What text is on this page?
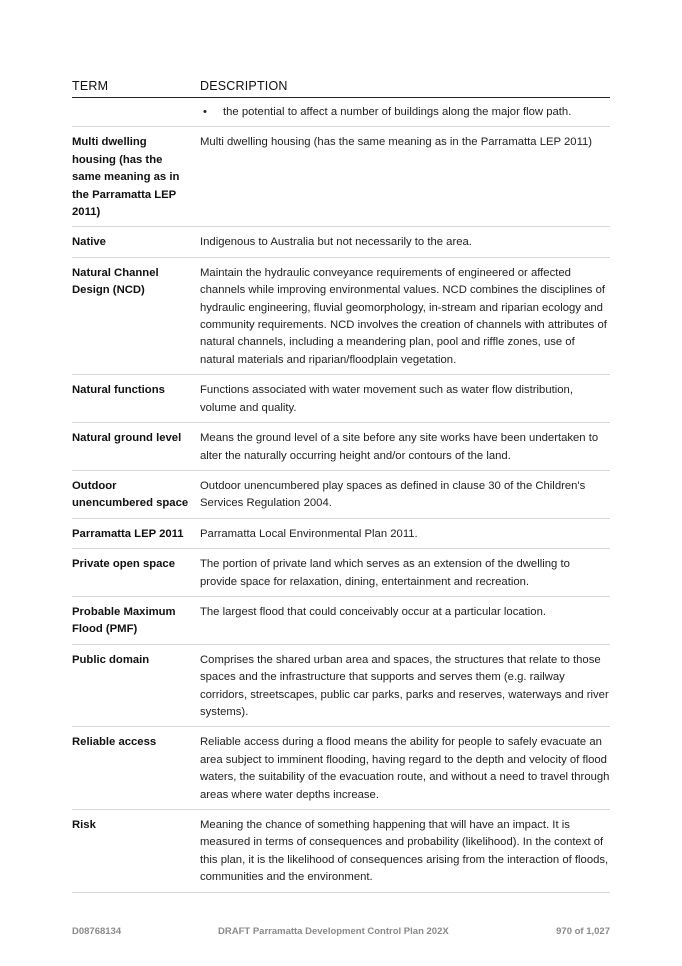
TERM	DESCRIPTION
	• the potential to affect a number of buildings along the major flow path.
Multi dwelling housing (has the same meaning as in the Parramatta LEP 2011)	Multi dwelling housing (has the same meaning as in the Parramatta LEP 2011)
Native	Indigenous to Australia but not necessarily to the area.
Natural Channel Design (NCD)	Maintain the hydraulic conveyance requirements of engineered or affected channels while improving environmental values. NCD combines the disciplines of hydraulic engineering, fluvial geomorphology, in-stream and riparian ecology and community requirements. NCD involves the creation of channels with attributes of natural channels, including a meandering plan, pool and riffle zones, use of natural materials and riparian/floodplain vegetation.
Natural functions	Functions associated with water movement such as water flow distribution, volume and quality.
Natural ground level	Means the ground level of a site before any site works have been undertaken to alter the naturally occurring height and/or contours of the land.
Outdoor unencumbered space	Outdoor unencumbered play spaces as defined in clause 30 of the Children's Services Regulation 2004.
Parramatta LEP 2011	Parramatta Local Environmental Plan 2011.
Private open space	The portion of private land which serves as an extension of the dwelling to provide space for relaxation, dining, entertainment and recreation.
Probable Maximum Flood (PMF)	The largest flood that could conceivably occur at a particular location.
Public domain	Comprises the shared urban area and spaces, the structures that relate to those spaces and the infrastructure that supports and serves them (e.g. railway corridors, streetscapes, public car parks, parks and reserves, waterways and river systems).
Reliable access	Reliable access during a flood means the ability for people to safely evacuate an area subject to imminent flooding, having regard to the depth and velocity of flood waters, the suitability of the evacuation route, and without a need to travel through areas where water depths increase.
Risk	Meaning the chance of something happening that will have an impact. It is measured in terms of consequences and probability (likelihood). In the context of this plan, it is the likelihood of consequences arising from the interaction of floods, communities and the environment.
D08768134	DRAFT Parramatta Development Control Plan 202X	970 of 1,027
